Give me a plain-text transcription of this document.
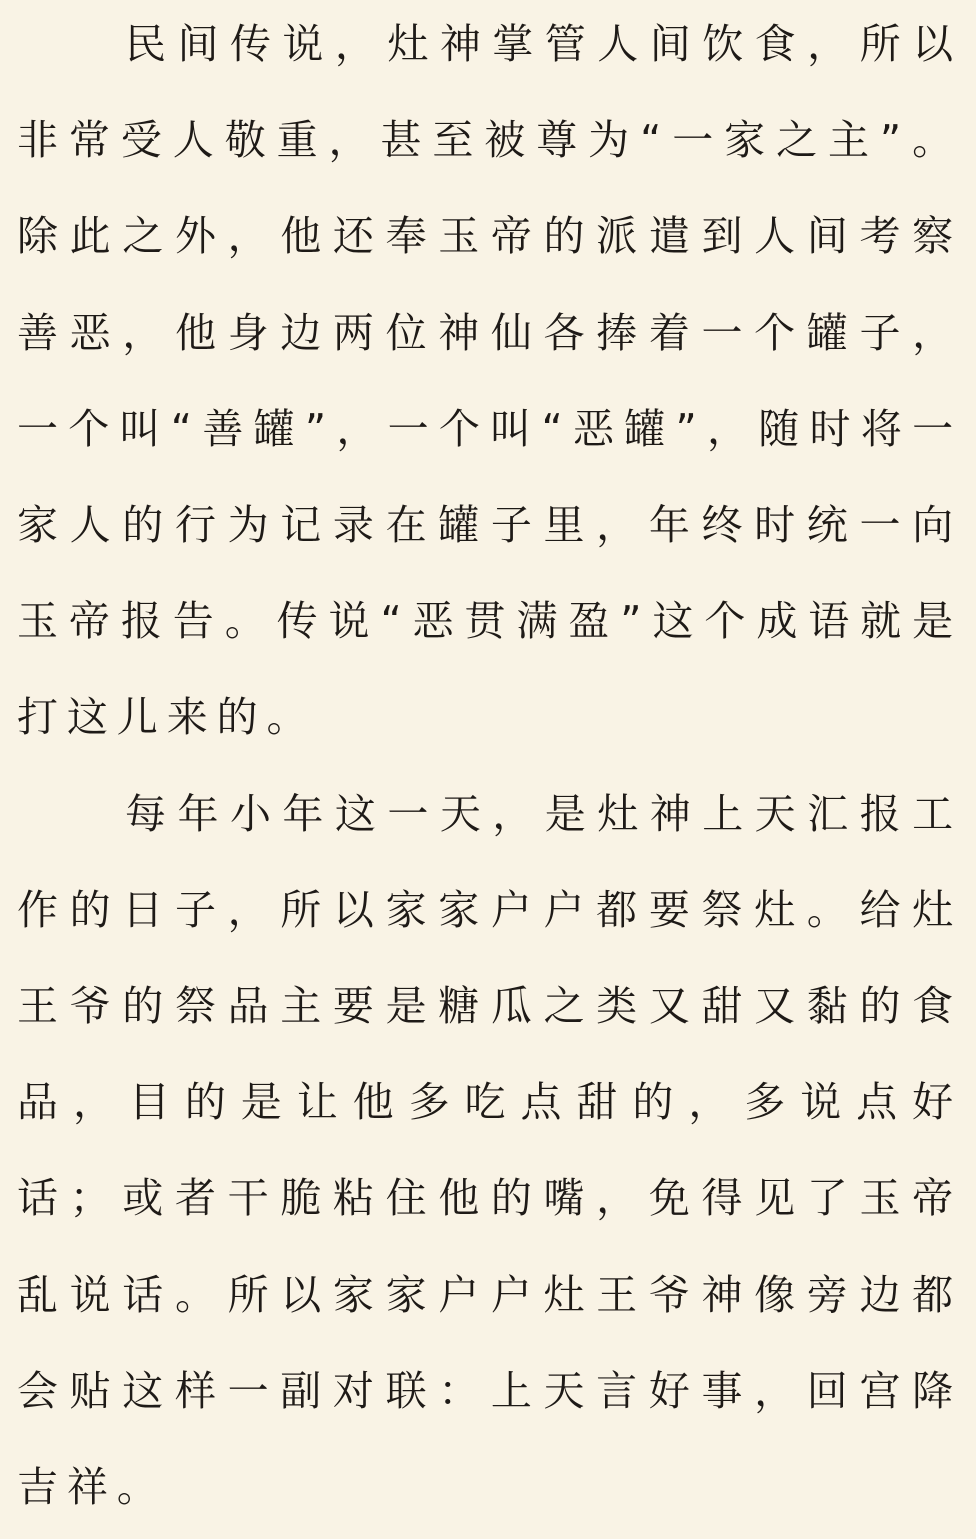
民间传说，灶神掌管人间饮食，所以非常受人敬重，甚至被尊为“一家之主”。除此之外，他还奉玉帝的派遣到人间考察善恶，他身边两位神仙各捧着一个罐子，一个叫“善罐”，一个叫“恶罐”，随时将一家人的行为记录在罐子里，年终时统一向玉帝报告。传说“恶贯满盈”这个成语就是打这儿来的。

每年小年这一天，是灶神上天汇报工作的日子，所以家家户户都要祭灶。给灶王爷的祭品主要是糖瓜之类又甜又黏的食品，目的是让他多吃点甜的，多说点好话；或者干脆粘住他的嘴，免得见了玉帝乱说话。所以家家户户灶王爷神像旁边都会贴这样一副对联：上天言好事，回宫降吉祥。
